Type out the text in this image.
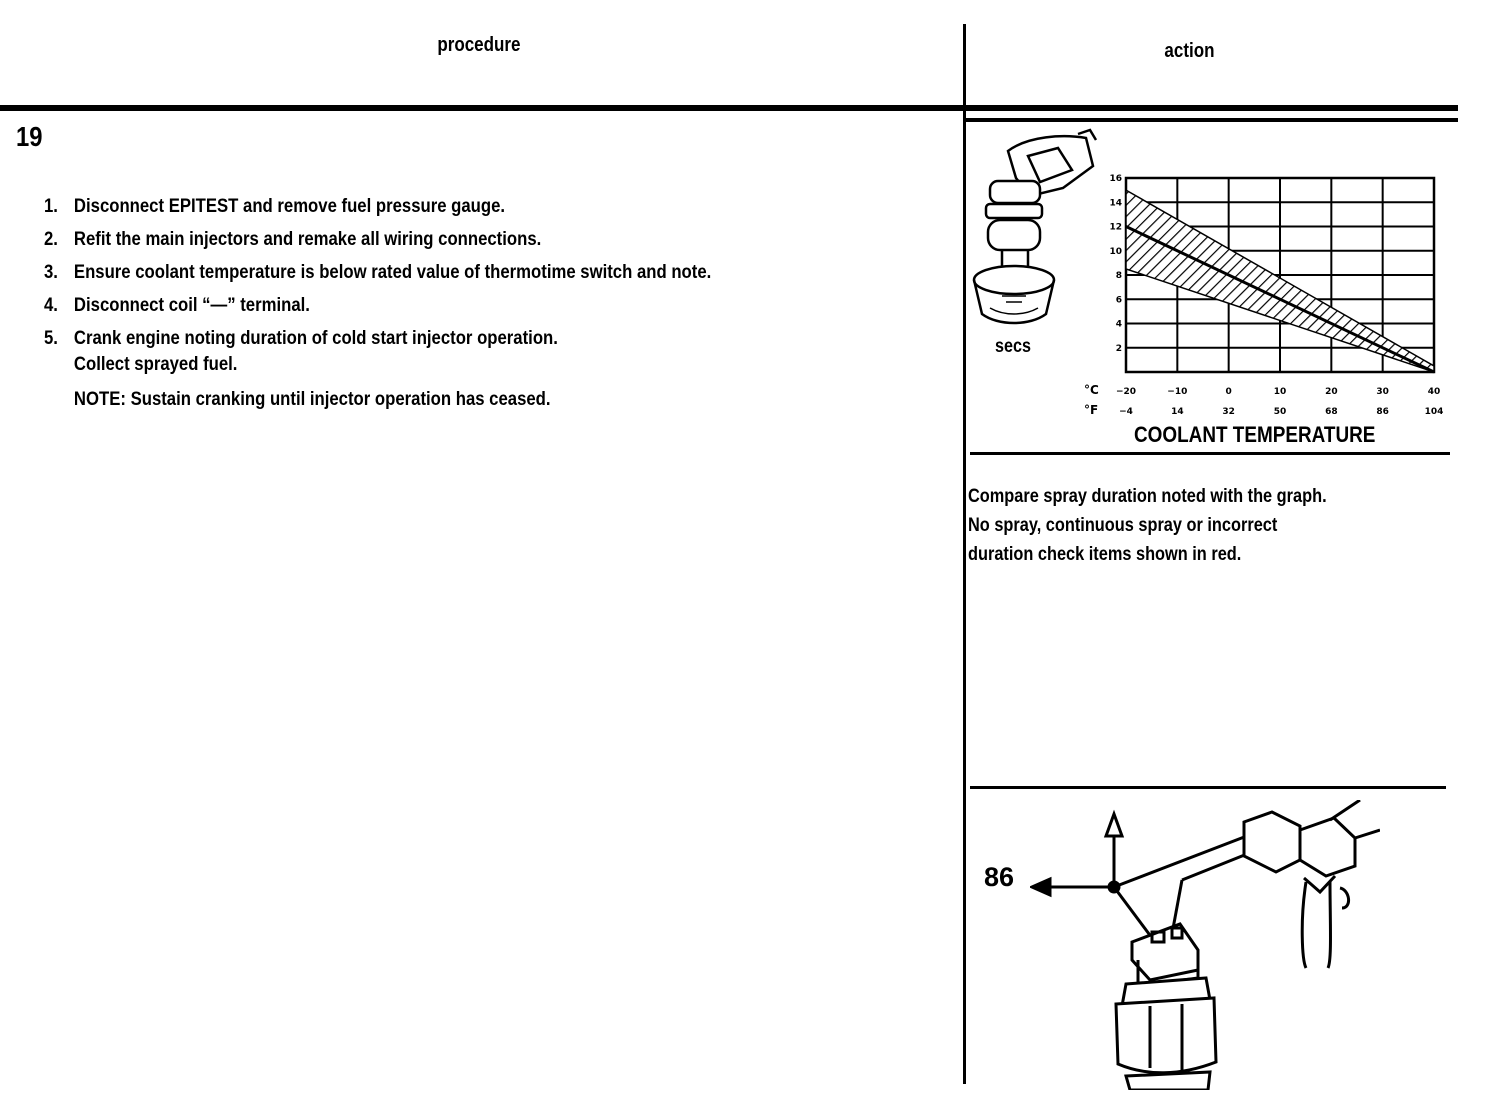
procedure	action
19
1. Disconnect EPITEST and remove fuel pressure gauge.
2. Refit the main injectors and remake all wiring connections.
3. Ensure coolant temperature is below rated value of thermotime switch and note.
4. Disconnect coil “—” terminal.
5. Crank engine noting duration of cold start injector operation.
Collect sprayed fuel.
NOTE: Sustain cranking until injector operation has ceased.
secs	2
4
6
8
10
12
14
16
−20	−10	0	10	20	30	40
−4	14	32	50	68	86	104
°C
°F
COOLANT TEMPERATURE
Compare spray duration noted with the graph.
No spray, continuous spray or incorrect
duration check items shown in red.
86
